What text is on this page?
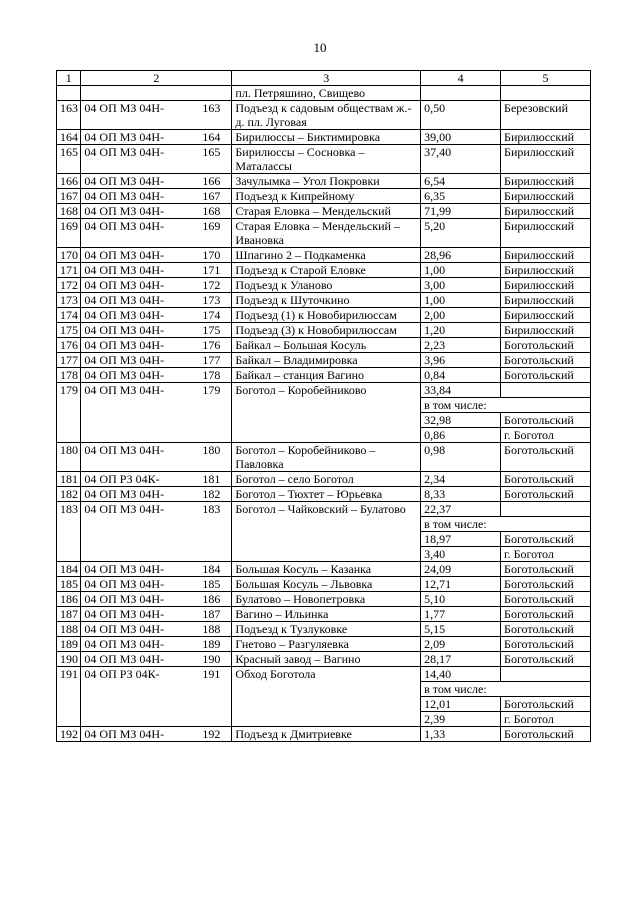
10
1	2	3	4	5
		пл. Петряшино, Свищево		
163	04 ОП МЗ 04Н- 163	Подъезд к садовым обществам ж.-д. пл. Луговая	0,50	Березовский
164	04 ОП МЗ 04Н- 164	Бирилюссы – Биктимировка	39,00	Бирилюсский
165	04 ОП МЗ 04Н- 165	Бирилюссы – Сосновка – Маталассы	37,40	Бирилюсский
166	04 ОП МЗ 04Н- 166	Зачулымка – Угол Покровки	6,54	Бирилюсский
167	04 ОП МЗ 04Н- 167	Подъезд к Кипрейному	6,35	Бирилюсский
168	04 ОП МЗ 04Н- 168	Старая Еловка – Мендельский	71,99	Бирилюсский
169	04 ОП МЗ 04Н- 169	Старая Еловка – Мендельский – Ивановка	5,20	Бирилюсский
170	04 ОП МЗ 04Н- 170	Шпагино 2 – Подкаменка	28,96	Бирилюсский
171	04 ОП МЗ 04Н- 171	Подъезд к Старой Еловке	1,00	Бирилюсский
172	04 ОП МЗ 04Н- 172	Подъезд к Уланово	3,00	Бирилюсский
173	04 ОП МЗ 04Н- 173	Подъезд к Шуточкино	1,00	Бирилюсский
174	04 ОП МЗ 04Н- 174	Подъезд (1) к Новобирилюссам	2,00	Бирилюсский
175	04 ОП МЗ 04Н- 175	Подъезд (3) к Новобирилюссам	1,20	Бирилюсский
176	04 ОП МЗ 04Н- 176	Байкал – Большая Косуль	2,23	Боготольский
177	04 ОП МЗ 04Н- 177	Байкал – Владимировка	3,96	Боготольский
178	04 ОП МЗ 04Н- 178	Байкал – станция Вагино	0,84	Боготольский
179	04 ОП МЗ 04Н- 179	Боготол – Коробейниково	33,84	
			в том числе:	
			32,98	Боготольский
			0,86	г. Боготол
180	04 ОП МЗ 04Н- 180	Боготол – Коробейниково – Павловка	0,98	Боготольский
181	04 ОП РЗ 04К- 181	Боготол – село Боготол	2,34	Боготольский
182	04 ОП МЗ 04Н- 182	Боготол – Тюхтет – Юрьевка	8,33	Боготольский
183	04 ОП МЗ 04Н- 183	Боготол – Чайковский – Булатово	22,37	
			в том числе:	
			18,97	Боготольский
			3,40	г. Боготол
184	04 ОП МЗ 04Н- 184	Большая Косуль – Казанка	24,09	Боготольский
185	04 ОП МЗ 04Н- 185	Большая Косуль – Львовка	12,71	Боготольский
186	04 ОП МЗ 04Н- 186	Булатово – Новопетровка	5,10	Боготольский
187	04 ОП МЗ 04Н- 187	Вагино – Ильинка	1,77	Боготольский
188	04 ОП МЗ 04Н- 188	Подъезд к Тузлуковке	5,15	Боготольский
189	04 ОП МЗ 04Н- 189	Гнетово – Разгуляевка	2,09	Боготольский
190	04 ОП МЗ 04Н- 190	Красный завод – Вагино	28,17	Боготольский
191	04 ОП РЗ 04К- 191	Обход Боготола	14,40	
			в том числе:	
			12,01	Боготольский
			2,39	г. Боготол
192	04 ОП МЗ 04Н- 192	Подъезд к Дмитриевке	1,33	Боготольский
